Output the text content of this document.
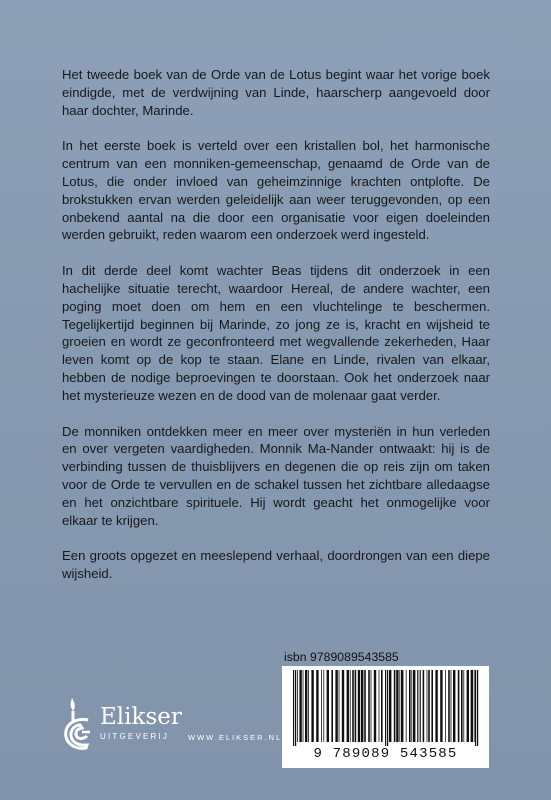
Het tweede boek van de Orde van de Lotus begint waar het vorige boek eindigde, met de verdwijning van Linde, haarscherp aangevoeld door haar dochter, Marinde.

In het eerste boek is verteld over een kristallen bol, het harmonische centrum van een monniken-gemeenschap, genaamd de Orde van de Lotus, die onder invloed van geheimzinnige krachten ontplofte. De brokstukken ervan werden geleidelijk aan weer teruggevonden, op een onbekend aantal na die door een organisatie voor eigen doeleinden werden gebruikt, reden waarom een onderzoek werd ingesteld.

In dit derde deel komt wachter Beas tijdens dit onderzoek in een hachelijke situatie terecht, waardoor Hereal, de andere wachter, een poging moet doen om hem en een vluchtelinge te beschermen. Tegelijkertijd beginnen bij Marinde, zo jong ze is, kracht en wijsheid te groeien en wordt ze geconfronteerd met wegvallende zekerheden, Haar leven komt op de kop te staan. Elane en Linde, rivalen van elkaar, hebben de nodige beproevingen te doorstaan. Ook het onderzoek naar het mysterieuze wezen en de dood van de molenaar gaat verder.

De monniken ontdekken meer en meer over mysteriën in hun verleden en over vergeten vaardigheden. Monnik Ma-Nander ontwaakt: hij is de verbinding tussen de thuisblijvers en degenen die op reis zijn om taken voor de Orde te vervullen en de schakel tussen het zichtbare alledaagse en het onzichtbare spirituele. Hij wordt geacht het onmogelijke voor elkaar te krijgen.

Een groots opgezet en meeslepend verhaal, doordrongen van een diepe wijsheid.

Elikser
UITGEVERIJ	WWW.ELIKSER.NL
isbn 9789089543585
9 789089 543585
